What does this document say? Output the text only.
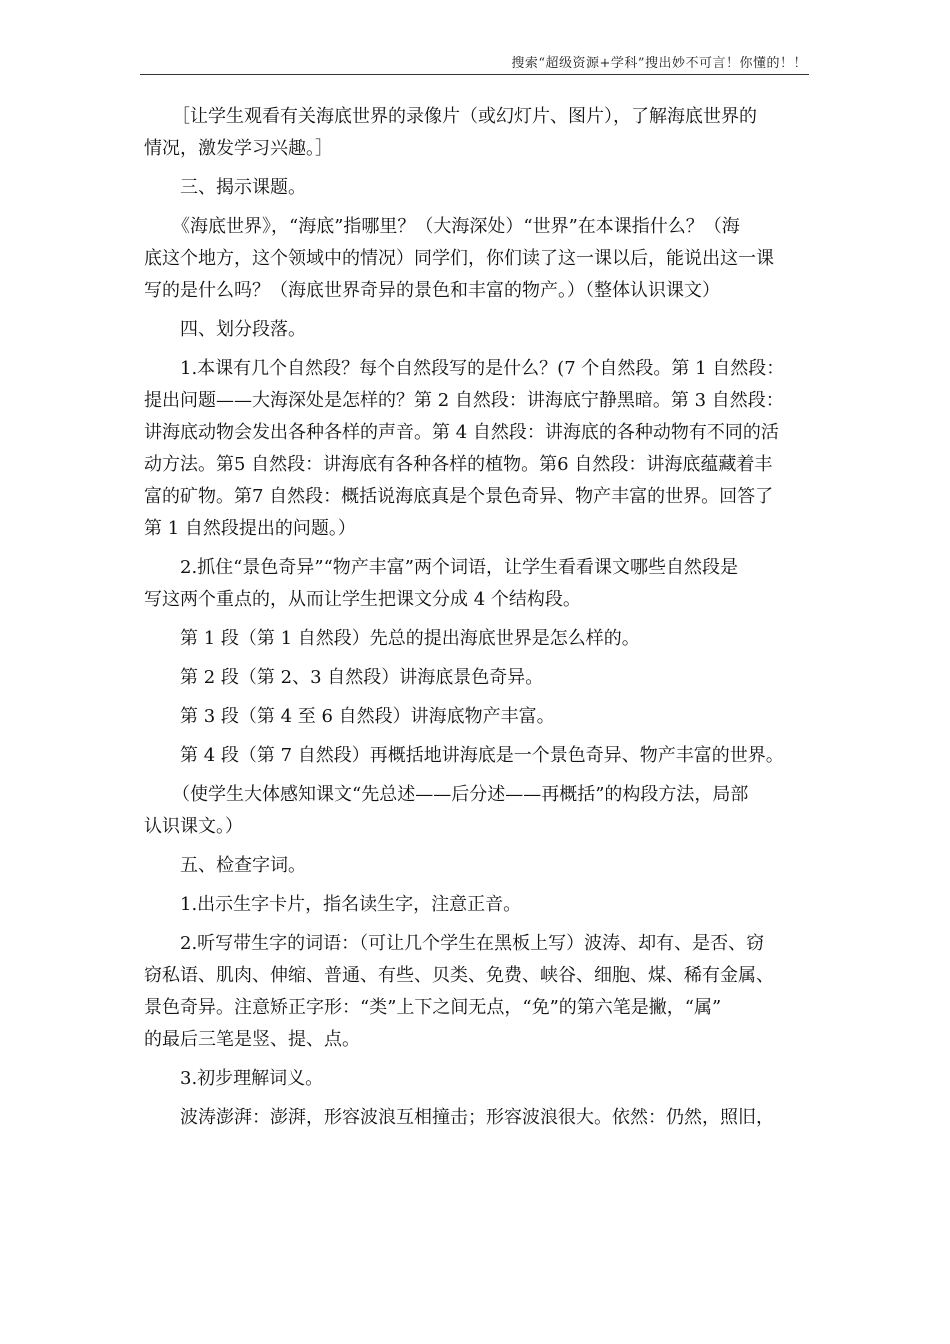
搜索“超级资源+学科”搜出妙不可言！你懂的！！

［让学生观看有关海底世界的录像片（或幻灯片、图片），了解海底世界的

情况，激发学习兴趣。］

三、揭示课题。

《海底世界》，“海底”指哪里？（大海深处）“世界”在本课指什么？（海

底这个地方，这个领域中的情况）同学们，你们读了这一课以后，能说出这一课

写的是什么吗？（海底世界奇异的景色和丰富的物产。）（整体认识课文）

四、划分段落。

1.本课有几个自然段？每个自然段写的是什么？(7 个自然段。第 1 自然段：

提出问题——大海深处是怎样的？第 2 自然段：讲海底宁静黑暗。第 3 自然段：

讲海底动物会发出各种各样的声音。第 4 自然段：讲海底的各种动物有不同的活

动方法。第5 自然段：讲海底有各种各样的植物。第6 自然段：讲海底蕴藏着丰

富的矿物。第7 自然段：概括说海底真是个景色奇异、物产丰富的世界。回答了

第 1 自然段提出的问题。）

2.抓住“景色奇异”“物产丰富”两个词语，让学生看看课文哪些自然段是

写这两个重点的，从而让学生把课文分成 4 个结构段。

第 1 段（第 1 自然段）先总的提出海底世界是怎么样的。

第 2 段（第 2、3 自然段）讲海底景色奇异。

第 3 段（第 4 至 6 自然段）讲海底物产丰富。

第 4 段（第 7 自然段）再概括地讲海底是一个景色奇异、物产丰富的世界。

（使学生大体感知课文“先总述——后分述——再概括”的构段方法，局部

认识课文。）

五、检查字词。

1.出示生字卡片，指名读生字，注意正音。

2.听写带生字的词语：（可让几个学生在黑板上写）波涛、却有、是否、窃

窃私语、肌肉、伸缩、普通、有些、贝类、免费、峡谷、细胞、煤、稀有金属、

景色奇异。注意矫正字形：“类”上下之间无点，“免”的第六笔是撇，“属”

的最后三笔是竖、提、点。

3.初步理解词义。

波涛澎湃：澎湃，形容波浪互相撞击；形容波浪很大。依然：仍然，照旧，
